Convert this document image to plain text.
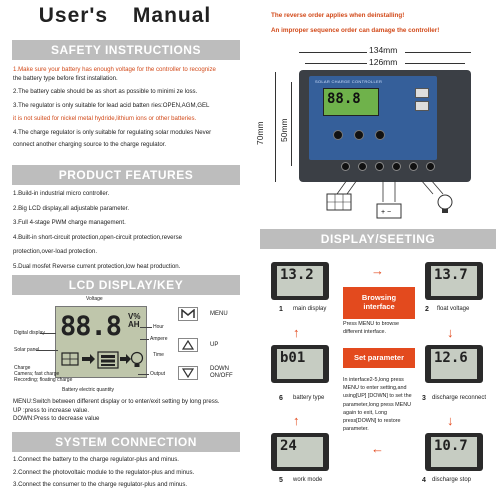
User's Manual
SAFETY INSTRUCTIONS
1.Make sure your battery has enough voltage for the controller to recognize
the battery type before first installation.
2.The battery cable should be as short as possible to minimi ze loss.
3.The regulator is only suitable for lead acid batten ries:OPEN,AGM,GEL
it is not suited for nickel metal hydride,lithium ions or other batteries.
4.The charge regulator is only suitable for regulating solar modules Never
connect another charging source to the charge regulator.
PRODUCT FEATURES
1.Build-in industrial micro controller.
2.Big LCD display,all adjustable parameter.
3.Full 4-stage PWM charge management.
4.Built-in short-circuit protection,open-circuit protection,reverse
protection,over-load protection.
5.Dual mosfet Reverse current protection,low heat production.
LCD DISPLAY/KEY
88.8 V%
AH
Voltage
Digital display
Solar panel
Charge
Camera; fast charge
Recording; floating charge
Hour
Ampere
Time
Output
Battery electric quantity
MENU
UP
DOWN
ON/OFF
MENU:Switch between different display or to enter/exit setting by long press.
UP :press to increase value.
DOWN:Press to decrease value
SYSTEM CONNECTION
1.Connect the battery to the charge regulator-plus and minus.
2.Connect the photovoltaic module to the regulator-plus and minus.
3.Connect the consumer to the charge regulator-plus and minus.
The reverse order applies when deinstalling!
An improper sequence order can damage the controller!
134mm
126mm
70mm 50mm
SOLAR CHARGE CONTROLLER
88.8
+ −
DISPLAY/SEETING
13.2
1 main display
13.7
2 float voltage
12.6
3 discharge reconnect
10.7
4 discharge stop
24
5 work mode
b01
6 battery type
→
↓
↓
←
↑
↑
Browsing
interface
Press MENU to browse different interface.
Set parameter
In interface2-5,long press MENU to enter setting,and using[UP] [DOWN] to set the parameter,long press MENU again to exit, Long press[DOWN] to restore parameter.
